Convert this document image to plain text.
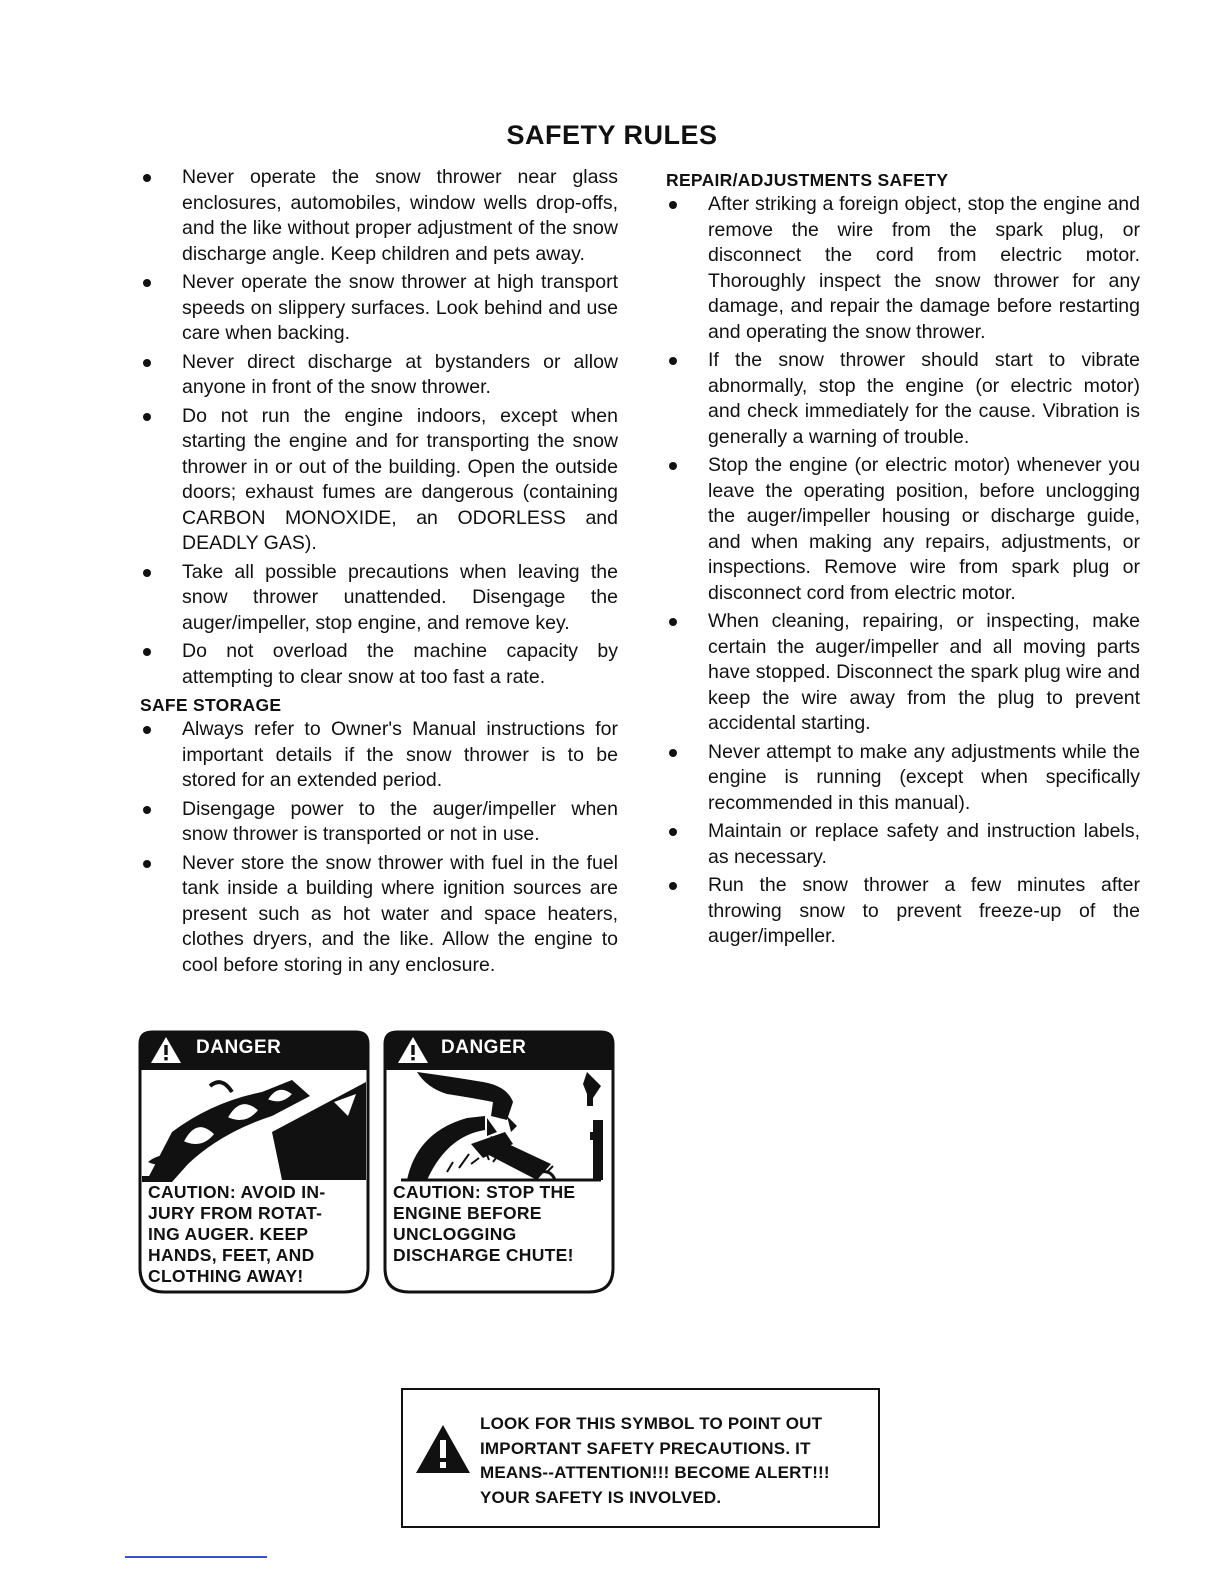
SAFETY RULES
Never operate the snow thrower near glass enclosures, automobiles, window wells drop-offs, and the like without proper adjustment of the snow discharge angle. Keep children and pets away.
Never operate the snow thrower at high transport speeds on slippery surfaces. Look behind and use care when backing.
Never direct discharge at bystanders or allow anyone in front of the snow thrower.
Do not run the engine indoors, except when starting the engine and for transporting the snow thrower in or out of the building. Open the outside doors; exhaust fumes are dangerous (containing CARBON MONOXIDE, an ODORLESS and DEADLY GAS).
Take all possible precautions when leaving the snow thrower unattended. Disengage the auger/impeller, stop engine, and remove key.
Do not overload the machine capacity by attempting to clear snow at too fast a rate.
SAFE STORAGE
Always refer to Owner's Manual instructions for important details if the snow thrower is to be stored for an extended period.
Disengage power to the auger/impeller when snow thrower is transported or not in use.
Never store the snow thrower with fuel in the fuel tank inside a building where ignition sources are present such as hot water and space heaters, clothes dryers, and the like. Allow the engine to cool before storing in any enclosure.
REPAIR/ADJUSTMENTS SAFETY
After striking a foreign object, stop the engine and remove the wire from the spark plug, or disconnect the cord from electric motor. Thoroughly inspect the snow thrower for any damage, and repair the damage before restarting and operating the snow thrower.
If the snow thrower should start to vibrate abnormally, stop the engine (or electric motor) and check immediately for the cause. Vibration is generally a warning of trouble.
Stop the engine (or electric motor) whenever you leave the operating position, before unclogging the auger/impeller housing or discharge guide, and when making any repairs, adjustments, or inspections. Remove wire from spark plug or disconnect cord from electric motor.
When cleaning, repairing, or inspecting, make certain the auger/impeller and all moving parts have stopped. Disconnect the spark plug wire and keep the wire away from the plug to prevent accidental starting.
Never attempt to make any adjustments while the engine is running (except when specifically recommended in this manual).
Maintain or replace safety and instruction labels, as necessary.
Run the snow thrower a few minutes after throwing snow to prevent freeze-up of the auger/impeller.
DANGER
CAUTION: AVOID IN-
JURY FROM ROTAT-
ING AUGER. KEEP
HANDS, FEET, AND
CLOTHING AWAY!
DANGER
CAUTION: STOP THE
ENGINE BEFORE
UNCLOGGING
DISCHARGE CHUTE!
LOOK FOR THIS SYMBOL TO POINT OUT
IMPORTANT SAFETY PRECAUTIONS. IT
MEANS--ATTENTION!!! BECOME ALERT!!!
YOUR SAFETY IS INVOLVED.
